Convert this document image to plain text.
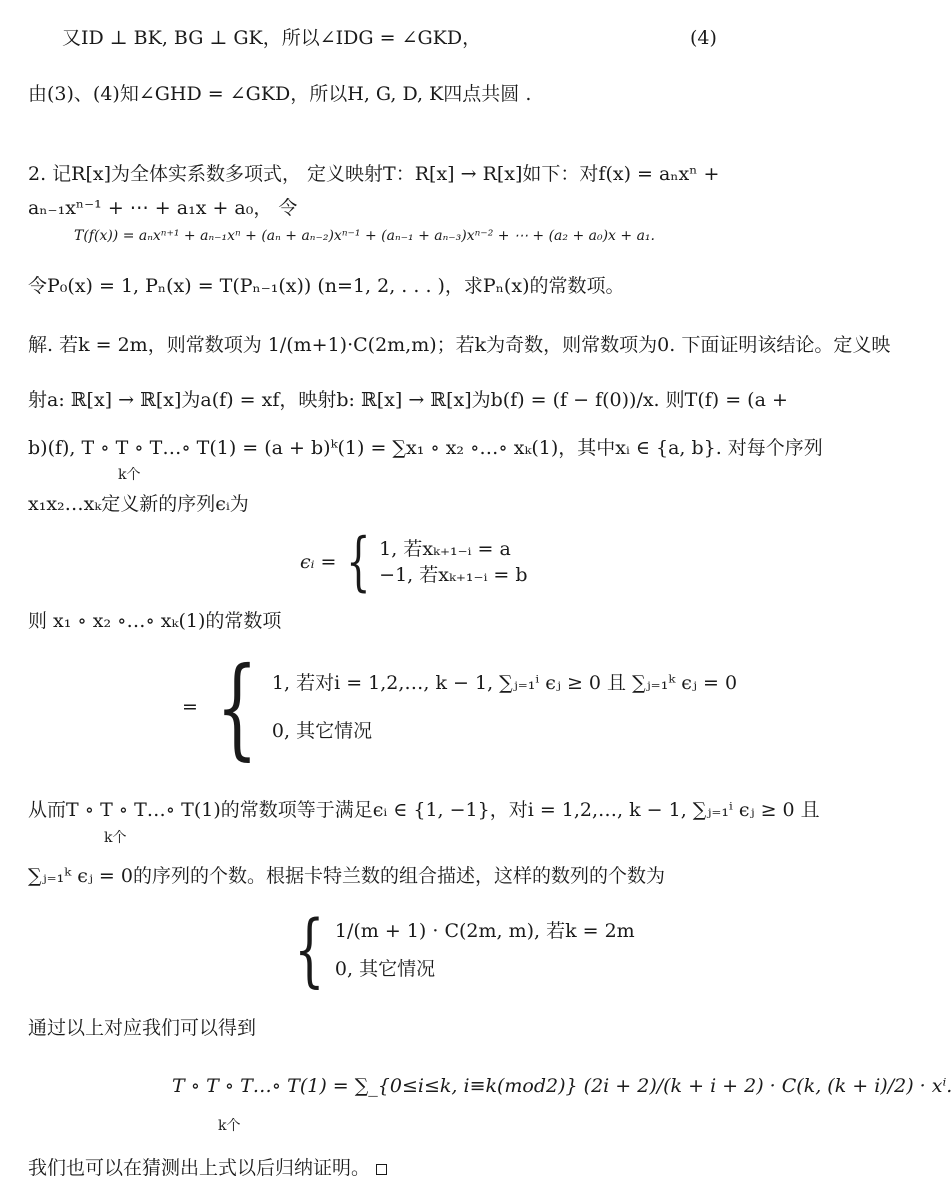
又ID ⊥ BK, BG ⊥ GK，所以∠IDG = ∠GKD，	(4)
由(3)、(4)知∠GHD = ∠GKD，所以H, G, D, K四点共圆 .
2. 记R[x]为全体实系数多项式， 定义映射T：R[x] → R[x]如下：对f(x) = aₙxⁿ +
aₙ₋₁xⁿ⁻¹ + ⋯ + a₁x + a₀， 令
T(f(x)) = aₙxⁿ⁺¹ + aₙ₋₁xⁿ + (aₙ + aₙ₋₂)xⁿ⁻¹ + (aₙ₋₁ + aₙ₋₃)xⁿ⁻² + ⋯ + (a₂ + a₀)x + a₁.
令P₀(x) = 1, Pₙ(x) = T(Pₙ₋₁(x)) (n=1, 2, . . . )，求Pₙ(x)的常数项。
解. 若k = 2m，则常数项为 1/(m+1)·C(2m,m)；若k为奇数，则常数项为0. 下面证明该结论。定义映
射a: ℝ[x] → ℝ[x]为a(f) = xf，映射b: ℝ[x] → ℝ[x]为b(f) = (f − f(0))/x. 则T(f) = (a +
b)(f), T ∘ T ∘ T…∘ T(1) = (a + b)ᵏ(1) = ∑x₁ ∘ x₂ ∘…∘ xₖ(1)，其中xᵢ ∈ {a, b}. 对每个序列
k个
x₁x₂…xₖ定义新的序列ϵᵢ为
ϵᵢ = { 1, 若xₖ₊₁₋ᵢ = a
−1, 若xₖ₊₁₋ᵢ = b
则 x₁ ∘ x₂ ∘…∘ xₖ(1)的常数项
= { 1, 若对i = 1,2,…, k − 1, ∑ⱼ₌₁ⁱ ϵⱼ ≥ 0 且 ∑ⱼ₌₁ᵏ ϵⱼ = 0
0, 其它情况
从而T ∘ T ∘ T…∘ T(1)的常数项等于满足ϵᵢ ∈ {1, −1}，对i = 1,2,…, k − 1, ∑ⱼ₌₁ⁱ ϵⱼ ≥ 0 且
k个
∑ⱼ₌₁ᵏ ϵⱼ = 0的序列的个数。根据卡特兰数的组合描述，这样的数列的个数为
{ 1/(m + 1) · C(2m, m), 若k = 2m
0, 其它情况
通过以上对应我们可以得到
T ∘ T ∘ T…∘ T(1) = ∑_{0≤i≤k, i≡k(mod2)} (2i + 2)/(k + i + 2) · C(k, (k + i)/2) · xⁱ.
k个
我们也可以在猜测出上式以后归纳证明。
